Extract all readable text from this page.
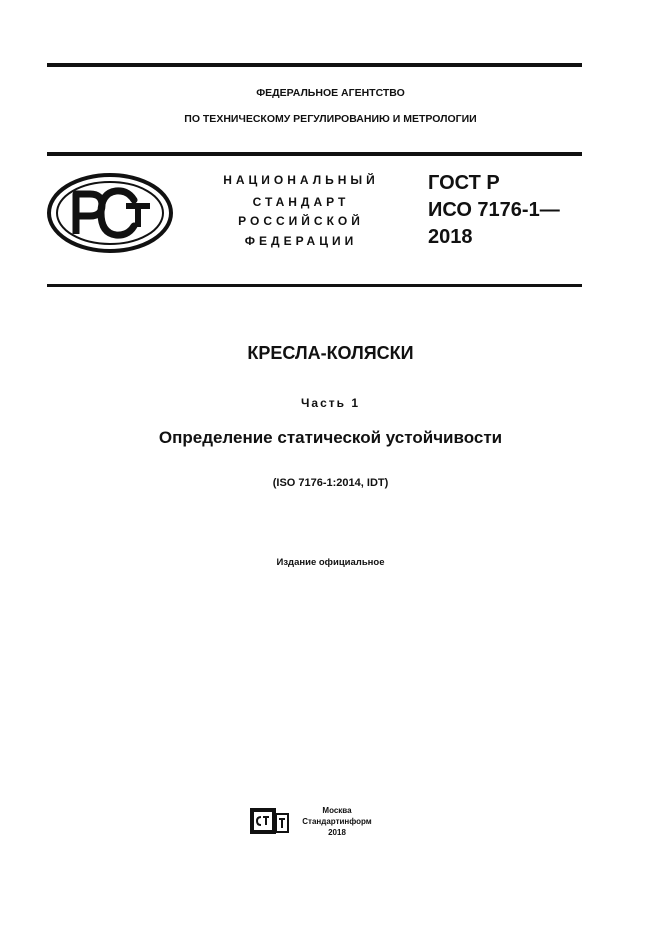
ФЕДЕРАЛЬНОЕ АГЕНТСТВО
ПО ТЕХНИЧЕСКОМУ РЕГУЛИРОВАНИЮ И МЕТРОЛОГИИ
НАЦИОНАЛЬНЫЙ
СТАНДАРТ
РОССИЙСКОЙ
ФЕДЕРАЦИИ
ГОСТ Р
ИСО 7176-1—
2018
КРЕСЛА-КОЛЯСКИ
Часть 1
Определение статической устойчивости
(ISO 7176-1:2014, IDT)
Издание официальное
Москва
Стандартинформ
2018
